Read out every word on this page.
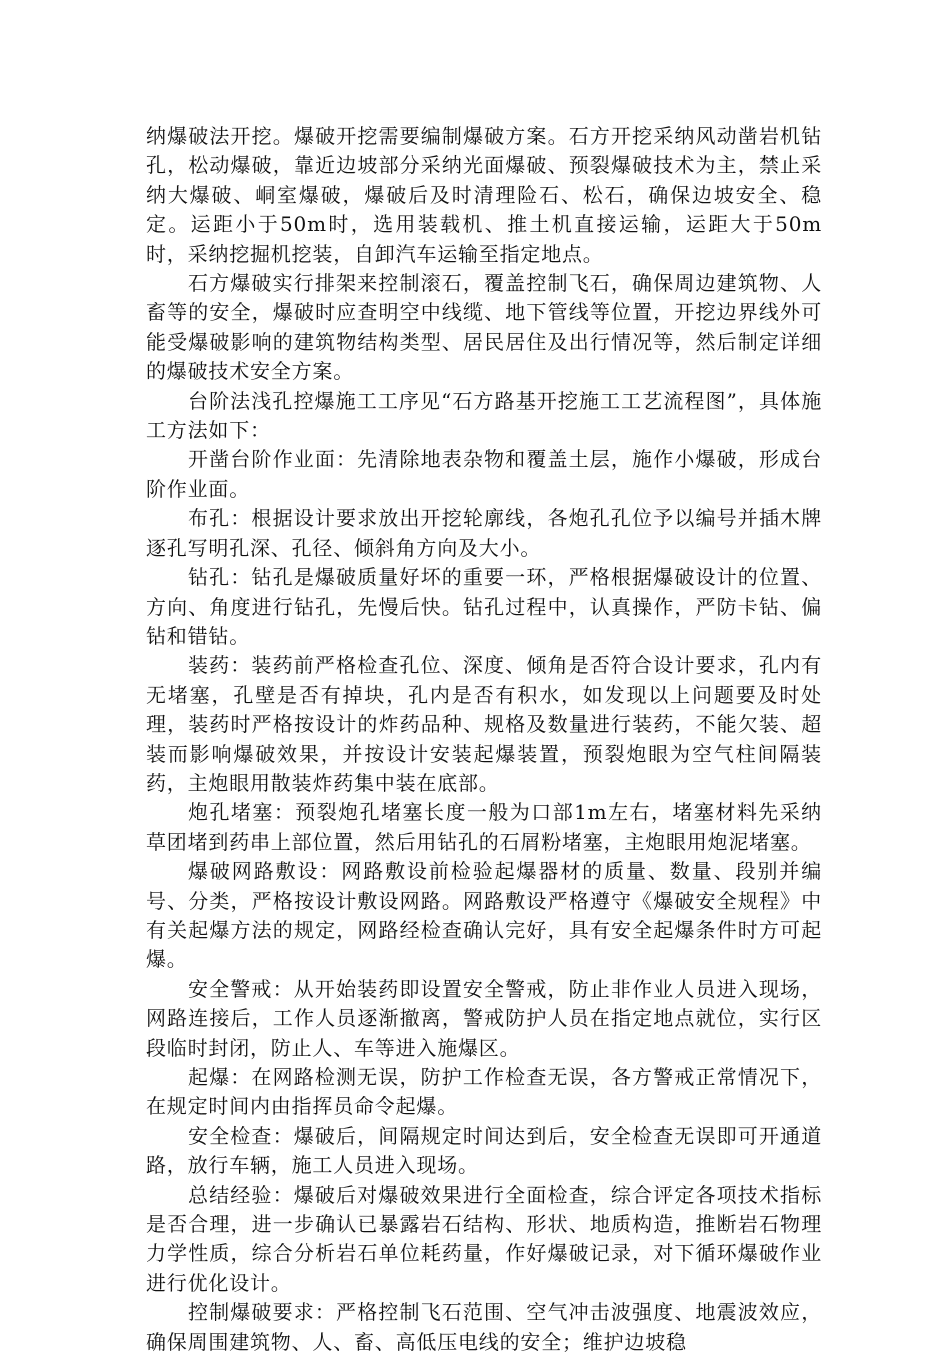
纳爆破法开挖。爆破开挖需要编制爆破方案。石方开挖采纳风动凿岩机钻孔，松动爆破，靠近边坡部分采纳光面爆破、预裂爆破技术为主，禁止采纳大爆破、峒室爆破，爆破后及时清理险石、松石，确保边坡安全、稳定。运距小于50m时，选用装载机、推土机直接运输，运距大于50m时，采纳挖掘机挖装，自卸汽车运输至指定地点。

石方爆破实行排架来控制滚石，覆盖控制飞石，确保周边建筑物、人畜等的安全，爆破时应查明空中线缆、地下管线等位置，开挖边界线外可能受爆破影响的建筑物结构类型、居民居住及出行情况等，然后制定详细的爆破技术安全方案。

台阶法浅孔控爆施工工序见“石方路基开挖施工工艺流程图”，具体施工方法如下：

开凿台阶作业面：先清除地表杂物和覆盖土层，施作小爆破，形成台阶作业面。

布孔：根据设计要求放出开挖轮廓线，各炮孔孔位予以编号并插木牌逐孔写明孔深、孔径、倾斜角方向及大小。

钻孔：钻孔是爆破质量好坏的重要一环，严格根据爆破设计的位置、方向、角度进行钻孔，先慢后快。钻孔过程中，认真操作，严防卡钻、偏钻和错钻。

装药：装药前严格检查孔位、深度、倾角是否符合设计要求，孔内有无堵塞，孔壁是否有掉块，孔内是否有积水，如发现以上问题要及时处理，装药时严格按设计的炸药品种、规格及数量进行装药，不能欠装、超装而影响爆破效果，并按设计安装起爆装置，预裂炮眼为空气柱间隔装药，主炮眼用散装炸药集中装在底部。

炮孔堵塞：预裂炮孔堵塞长度一般为口部1m左右，堵塞材料先采纳草团堵到药串上部位置，然后用钻孔的石屑粉堵塞，主炮眼用炮泥堵塞。

爆破网路敷设：网路敷设前检验起爆器材的质量、数量、段别并编号、分类，严格按设计敷设网路。网路敷设严格遵守《爆破安全规程》中有关起爆方法的规定，网路经检查确认完好，具有安全起爆条件时方可起爆。

安全警戒：从开始装药即设置安全警戒，防止非作业人员进入现场，网路连接后，工作人员逐渐撤离，警戒防护人员在指定地点就位，实行区段临时封闭，防止人、车等进入施爆区。

起爆：在网路检测无误，防护工作检查无误，各方警戒正常情况下，在规定时间内由指挥员命令起爆。

安全检查：爆破后，间隔规定时间达到后，安全检查无误即可开通道路，放行车辆，施工人员进入现场。

总结经验：爆破后对爆破效果进行全面检查，综合评定各项技术指标是否合理，进一步确认已暴露岩石结构、形状、地质构造，推断岩石物理力学性质，综合分析岩石单位耗药量，作好爆破记录，对下循环爆破作业进行优化设计。

控制爆破要求：严格控制飞石范围、空气冲击波强度、地震波效应，确保周围建筑物、人、畜、高低压电线的安全；维护边坡稳
